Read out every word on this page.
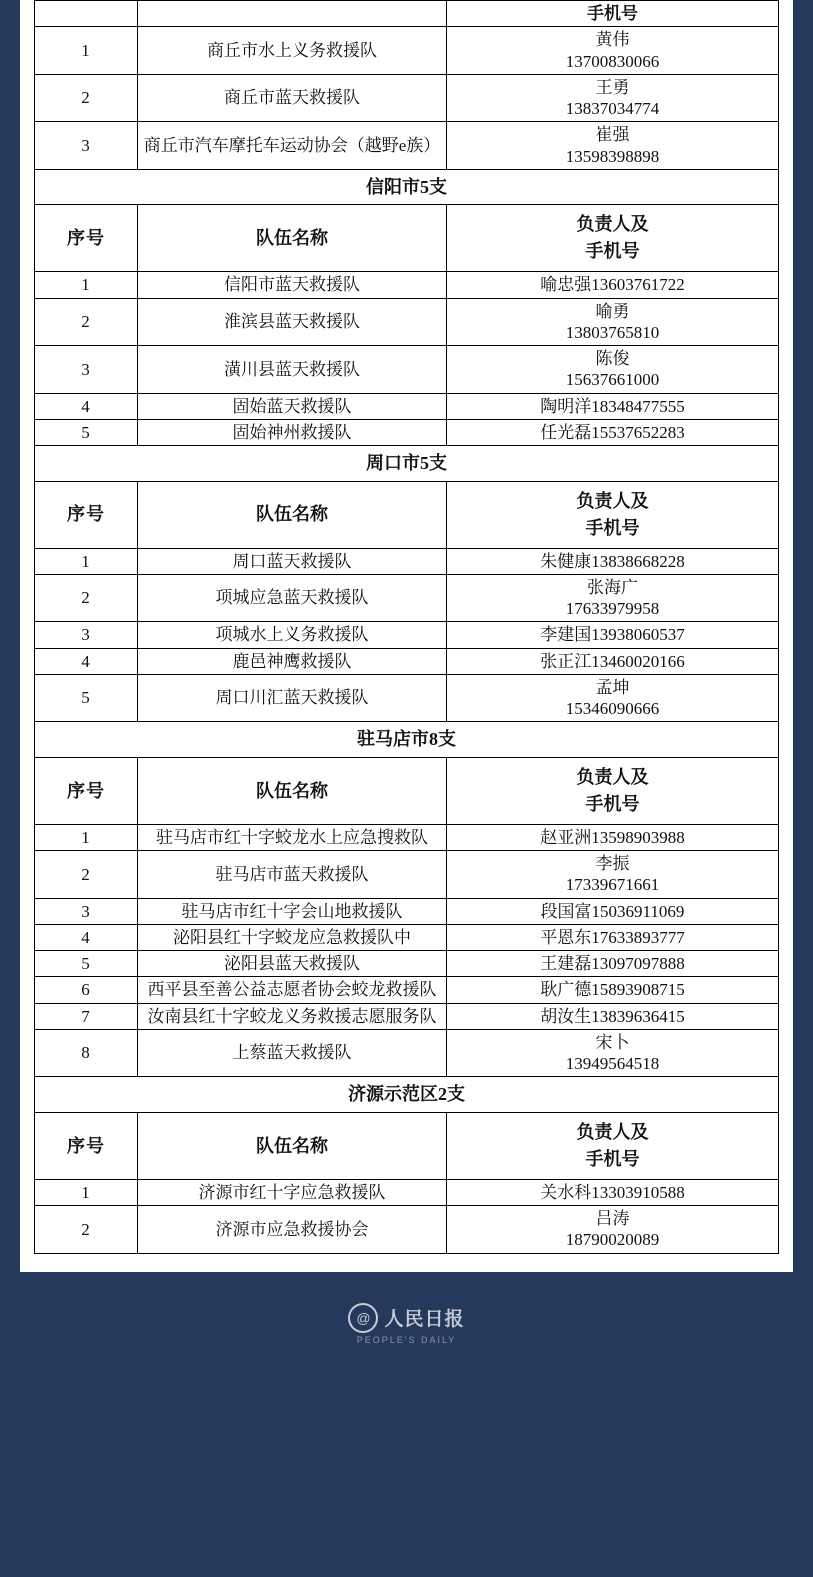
		手机号

1	商丘市水上义务救援队	黄伟
13700830066

2	商丘市蓝天救援队	王勇
13837034774

3	商丘市汽车摩托车运动协会（越野e族）	崔强
13598398898

信阳市5支		
序号	队伍名称	负责人及
手机号

1	信阳市蓝天救援队	喻忠强13603761722
2	淮滨县蓝天救援队	喻勇
13803765810

3	潢川县蓝天救援队	陈俊
15637661000

4	固始蓝天救援队	陶明洋18348477555
5	固始神州救援队	任光磊15537652283
周口市5支		
序号	队伍名称	负责人及
手机号

1	周口蓝天救援队	朱健康13838668228
2	项城应急蓝天救援队	张海广
17633979958

3	项城水上义务救援队	李建国13938060537
4	鹿邑神鹰救援队	张正江13460020166
5	周口川汇蓝天救援队	孟坤
15346090666

驻马店市8支		
序号	队伍名称	负责人及
手机号

1	驻马店市红十字蛟龙水上应急搜救队	赵亚洲13598903988
2	驻马店市蓝天救援队	李振
17339671661

3	驻马店市红十字会山地救援队	段国富15036911069
4	泌阳县红十字蛟龙应急救援队中	平恩东17633893777
5	泌阳县蓝天救援队	王建磊13097097888
6	西平县至善公益志愿者协会蛟龙救援队	耿广德15893908715
7	汝南县红十字蛟龙义务救援志愿服务队	胡汝生13839636415
8	上蔡蓝天救援队	宋卜
13949564518

济源示范区2支		
序号	队伍名称	负责人及
手机号

1	济源市红十字应急救援队	关水科13303910588
2	济源市应急救援协会	吕涛
18790020089
@ 人民日报
PEOPLE'S DAILY
